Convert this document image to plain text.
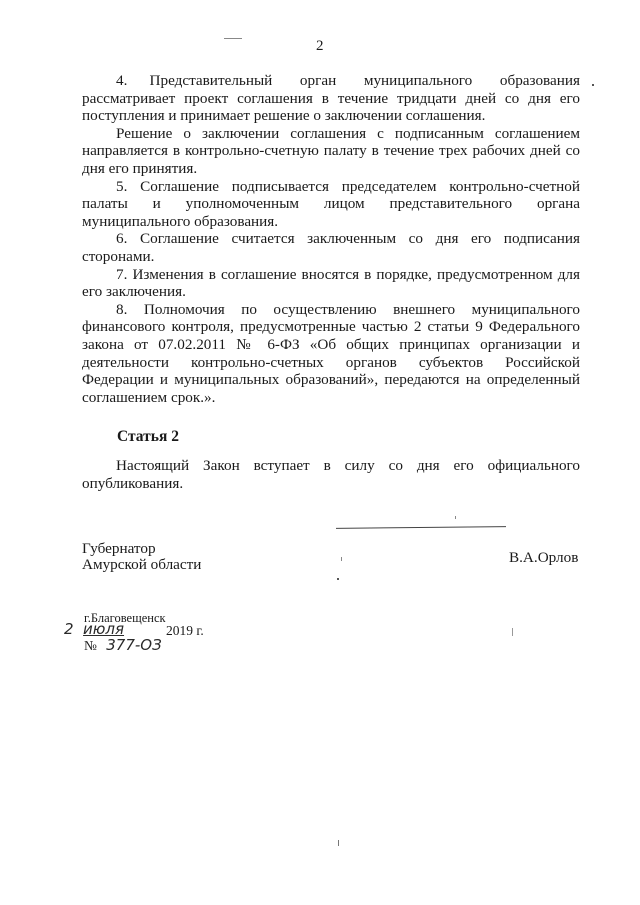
2

4.    Представительный     орган     муниципального     образования рассматривает проект соглашения в течение тридцати дней со дня его поступления и принимает решение о заключении соглашения.

Решение о заключении соглашения с подписанным соглашением направляется в контрольно-счетную палату в течение трех рабочих дней со дня его принятия.

5. Соглашение подписывается председателем контрольно-счетной палаты и уполномоченным лицом представительного органа муниципального образования.

6. Соглашение считается заключенным со дня его подписания сторонами.

7. Изменения в соглашение вносятся в порядке, предусмотренном для его заключения.

8. Полномочия по осуществлению внешнего муниципального финансового контроля, предусмотренные частью 2 статьи 9 Федерального закона от 07.02.2011 № 6-ФЗ «Об общих принципах организации и деятельности контрольно-счетных органов субъектов Российской Федерации и муниципальных образований», передаются на определенный соглашением срок.».

Статья 2

Настоящий Закон вступает в силу со дня его официального опубликования.

Губернатор
Амурской области	В.А.Орлов
г.Благовещенск
2 июля	2019 г.
№ 377-ОЗ
